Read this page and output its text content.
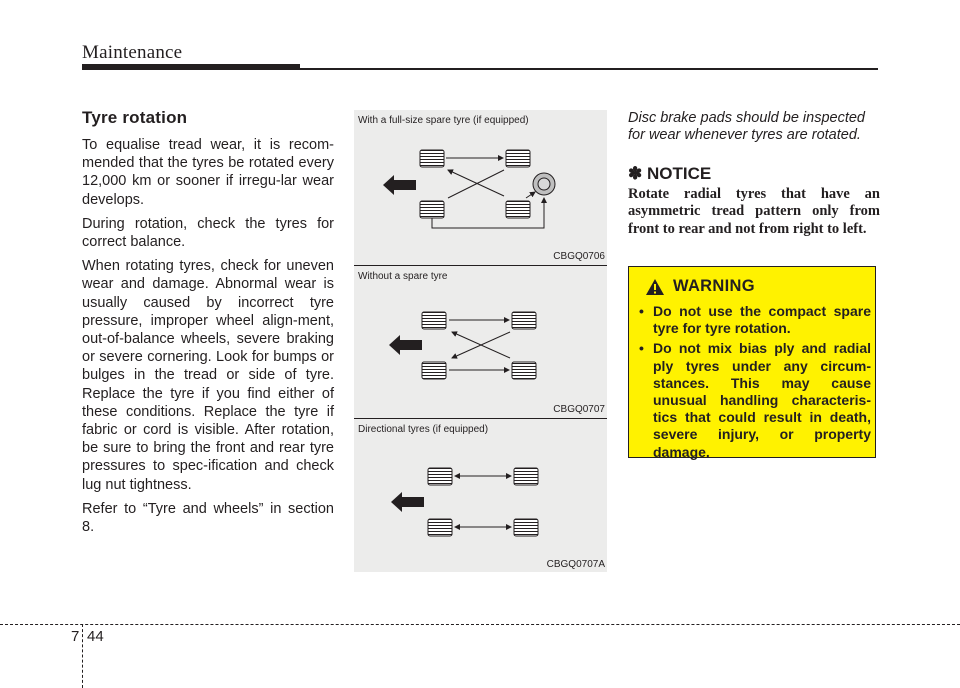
Maintenance
Tyre rotation

To equalise tread wear, it is recom-mended that the tyres be rotated every 12,000 km or sooner if irregu-lar wear develops.

During rotation, check the tyres for correct balance.

When rotating tyres, check for uneven wear and damage. Abnormal wear is usually caused by incorrect tyre pressure, improper wheel align-ment, out-of-balance wheels, severe braking or severe cornering. Look for bumps or bulges in the tread or side of tyre. Replace the tyre if you find either of these conditions. Replace the tyre if fabric or cord is visible. After rotation, be sure to bring the front and rear tyre pressures to spec-ification and check lug nut tightness.

Refer to “Tyre and wheels” in section 8.

With a full-size spare tyre (if equipped)
CBGQ0706
Without a spare tyre
CBGQ0707
Directional tyres (if equipped)
CBGQ0707A
Disc brake pads should be inspected for wear whenever tyres are rotated.
✽ NOTICE
Rotate radial tyres that have an asymmetric tread pattern only from front to rear and not from right to left.
WARNING
• Do not use the compact spare tyre for tyre rotation.
• Do not mix bias ply and radial ply tyres under any circum-stances. This may cause unusual handling characteris-tics that could result in death, severe injury, or property damage.
7 44
